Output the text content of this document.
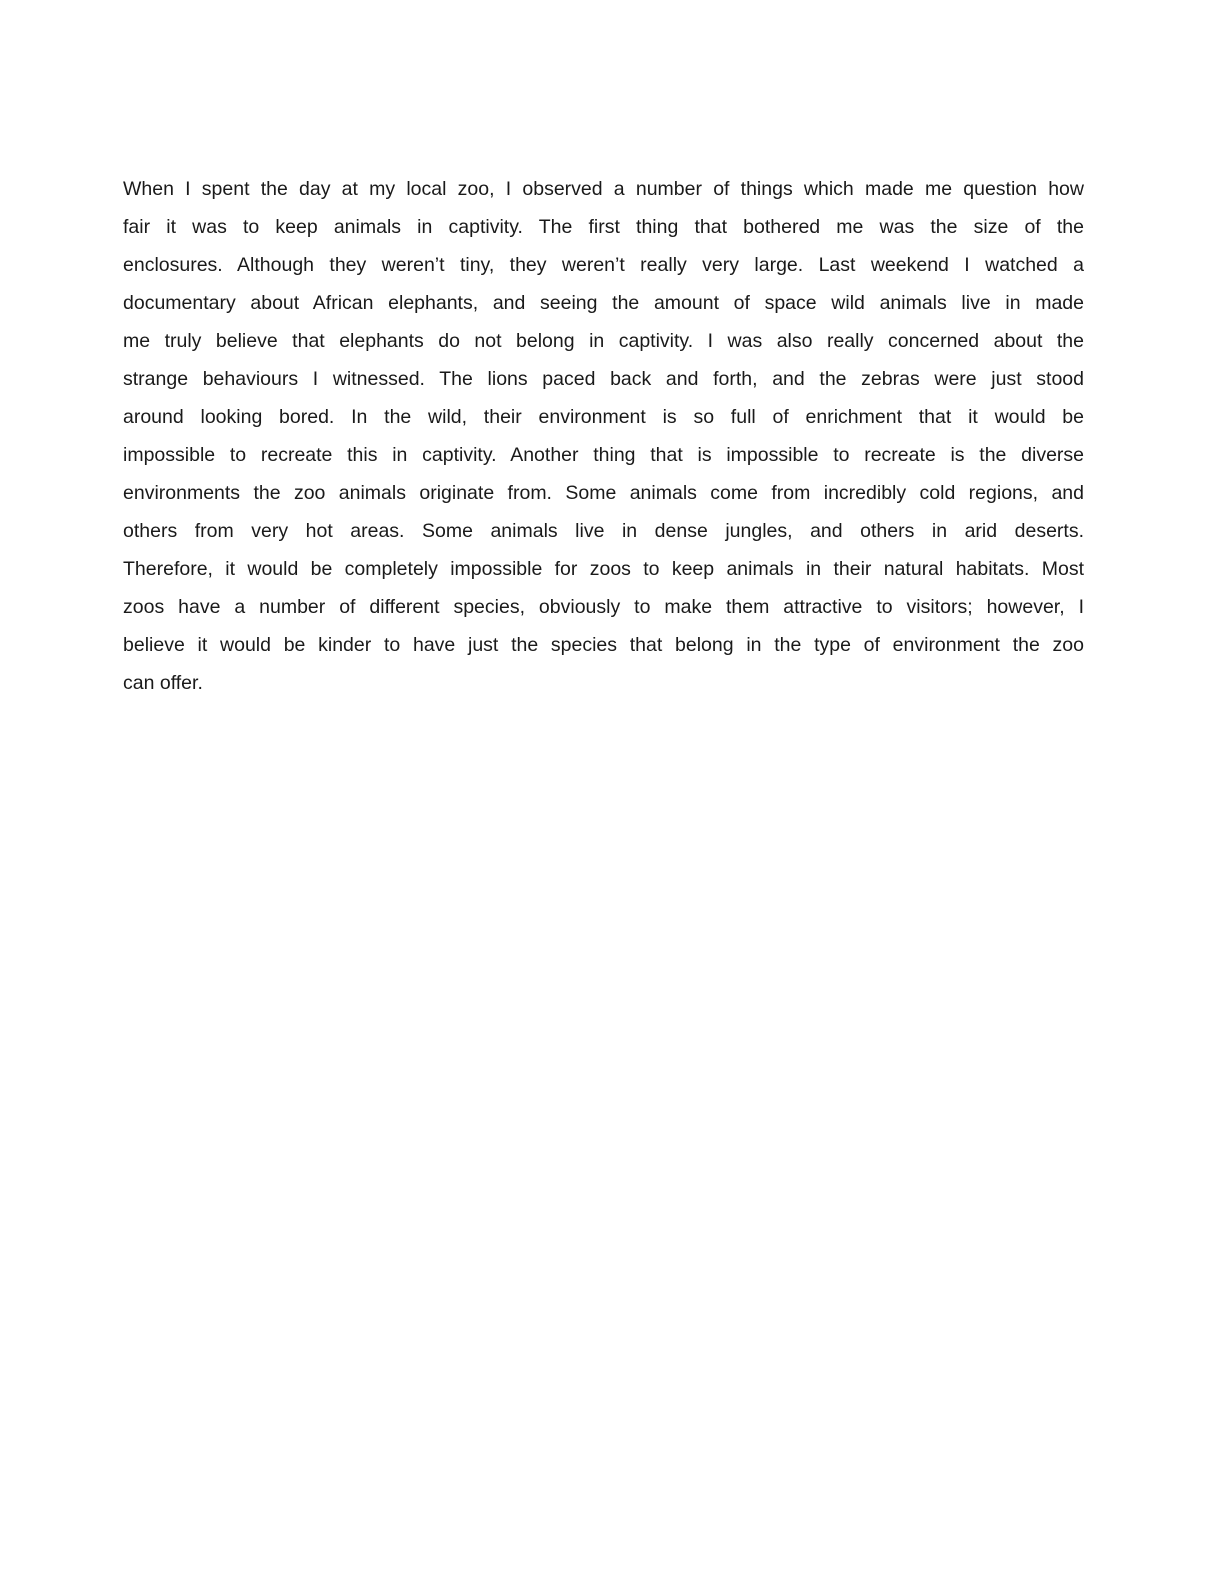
When I spent the day at my local zoo, I observed a number of things which made me question how
fair it was to keep animals in captivity. The first thing that bothered me was the size of the
enclosures. Although they weren’t tiny, they weren’t really very large. Last weekend I watched a
documentary about African elephants, and seeing the amount of space wild animals live in made
me truly believe that elephants do not belong in captivity. I was also really concerned about the
strange behaviours I witnessed. The lions paced back and forth, and the zebras were just stood
around looking bored. In the wild, their environment is so full of enrichment that it would be
impossible to recreate this in captivity. Another thing that is impossible to recreate is the diverse
environments the zoo animals originate from. Some animals come from incredibly cold regions, and
others from very hot areas. Some animals live in dense jungles, and others in arid deserts.
Therefore, it would be completely impossible for zoos to keep animals in their natural habitats. Most
zoos have a number of different species, obviously to make them attractive to visitors; however, I
believe it would be kinder to have just the species that belong in the type of environment the zoo
can offer.
